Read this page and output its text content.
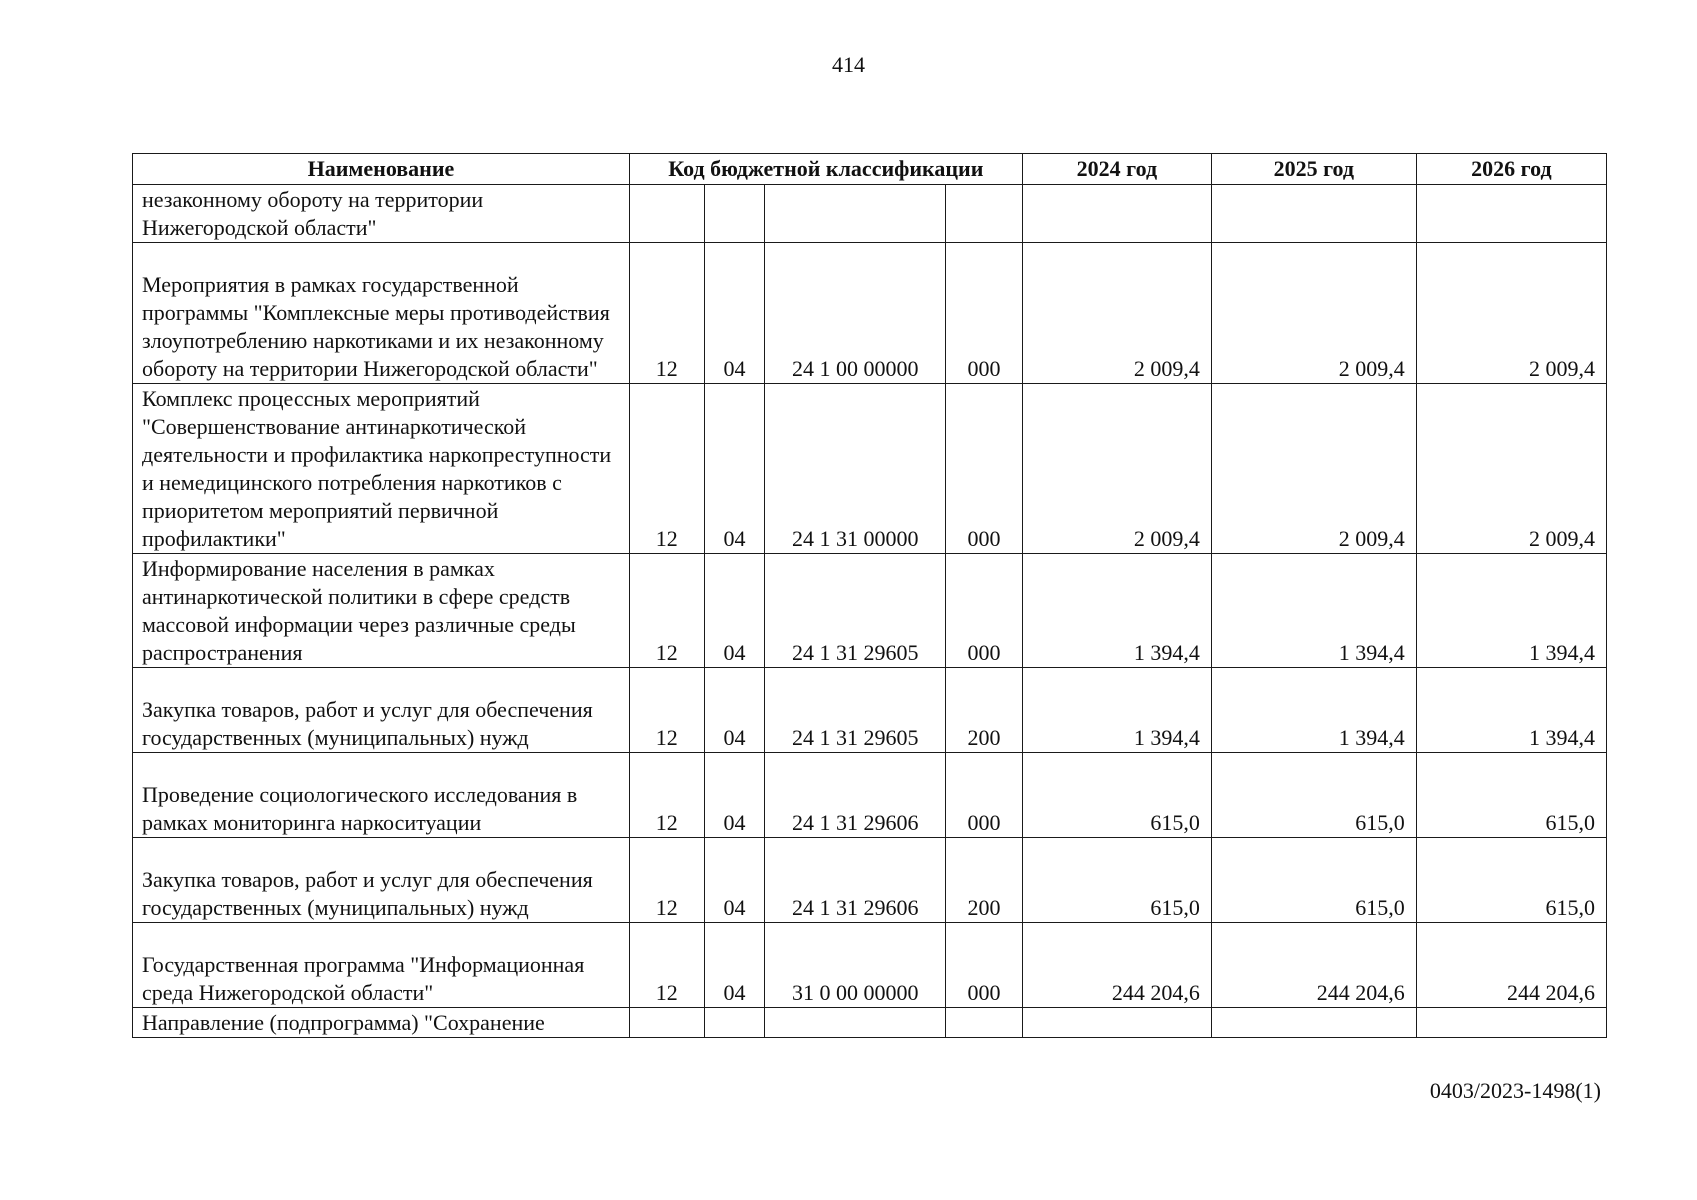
414
Наименование	Код бюджетной классификации				2024 год	2025 год	2026 год
незаконному обороту на территории Нижегородской области"							
Мероприятия в рамках государственной программы "Комплексные меры противодействия злоупотреблению наркотиками и их незаконному обороту на территории Нижегородской области"	12	04	24 1 00 00000	000	2 009,4	2 009,4	2 009,4
Комплекс процессных мероприятий "Совершенствование антинаркотической деятельности и профилактика наркопреступности и немедицинского потребления наркотиков с приоритетом мероприятий первичной профилактики"	12	04	24 1 31 00000	000	2 009,4	2 009,4	2 009,4
Информирование населения в рамках антинаркотической политики в сфере средств массовой информации через различные среды распространения	12	04	24 1 31 29605	000	1 394,4	1 394,4	1 394,4
Закупка товаров, работ и услуг для обеспечения государственных (муниципальных) нужд	12	04	24 1 31 29605	200	1 394,4	1 394,4	1 394,4
Проведение социологического исследования в рамках мониторинга наркоситуации	12	04	24 1 31 29606	000	615,0	615,0	615,0
Закупка товаров, работ и услуг для обеспечения государственных (муниципальных) нужд	12	04	24 1 31 29606	200	615,0	615,0	615,0
Государственная программа "Информационная среда Нижегородской области"	12	04	31 0 00 00000	000	244 204,6	244 204,6	244 204,6
Направление (подпрограмма) "Сохранение							
0403/2023-1498(1)
